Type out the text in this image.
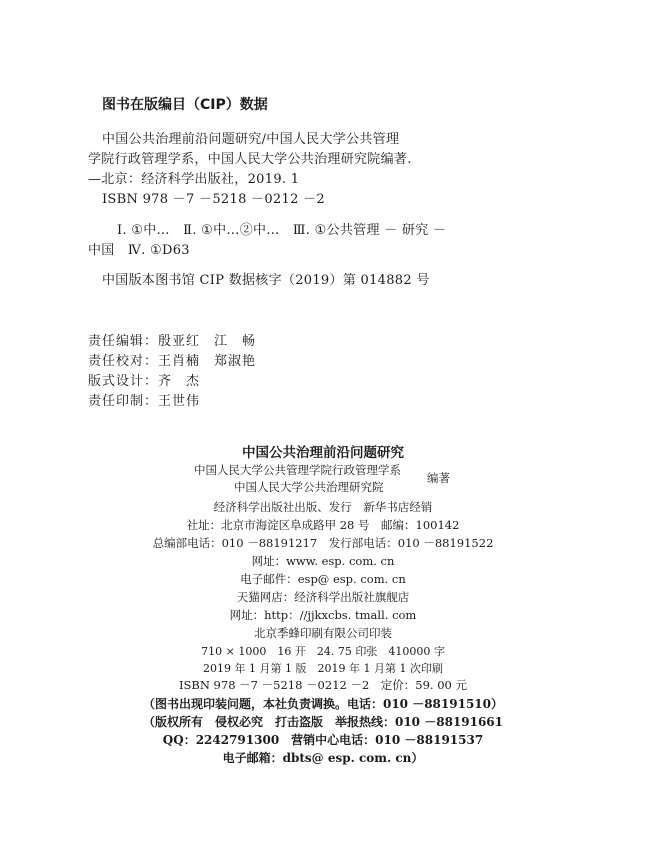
图书在版编目（CIP）数据
中国公共治理前沿问题研究/中国人民大学公共管理
学院行政管理学系，中国人民大学公共治理研究院编著.
—北京：经济科学出版社，2019. 1
ISBN 978 －7 －5218 －0212 －2
Ⅰ. ①中…　Ⅱ. ①中…②中…　Ⅲ. ①公共管理 － 研究 －
中国　Ⅳ. ①D63
中国版本图书馆 CIP 数据核字（2019）第 014882 号
责任编辑：殷亚红　江　畅
责任校对：王肖楠　郑淑艳
版式设计：齐　杰
责任印制：王世伟
中国公共治理前沿问题研究
中国人民大学公共管理学院行政管理学系
中国人民大学公共治理研究院
编著
经济科学出版社出版、发行　新华书店经销
社址：北京市海淀区阜成路甲 28 号　邮编：100142
总编部电话：010 －88191217　发行部电话：010 －88191522
网址：www. esp. com. cn
电子邮件：esp@ esp. com. cn
天猫网店：经济科学出版社旗舰店
网址：http：//jjkxcbs. tmall. com
北京季蜂印刷有限公司印装
710 × 1000　16 开　24. 75 印张　410000 字
2019 年 1 月第 1 版　2019 年 1 月第 1 次印刷
ISBN 978 －7 －5218 －0212 －2　定价：59. 00 元
（图书出现印装问题，本社负责调换。电话：010 －88191510）
（版权所有　侵权必究　打击盗版　举报热线：010 －88191661
QQ：2242791300　营销中心电话：010 －88191537
电子邮箱：dbts@ esp. com. cn）
